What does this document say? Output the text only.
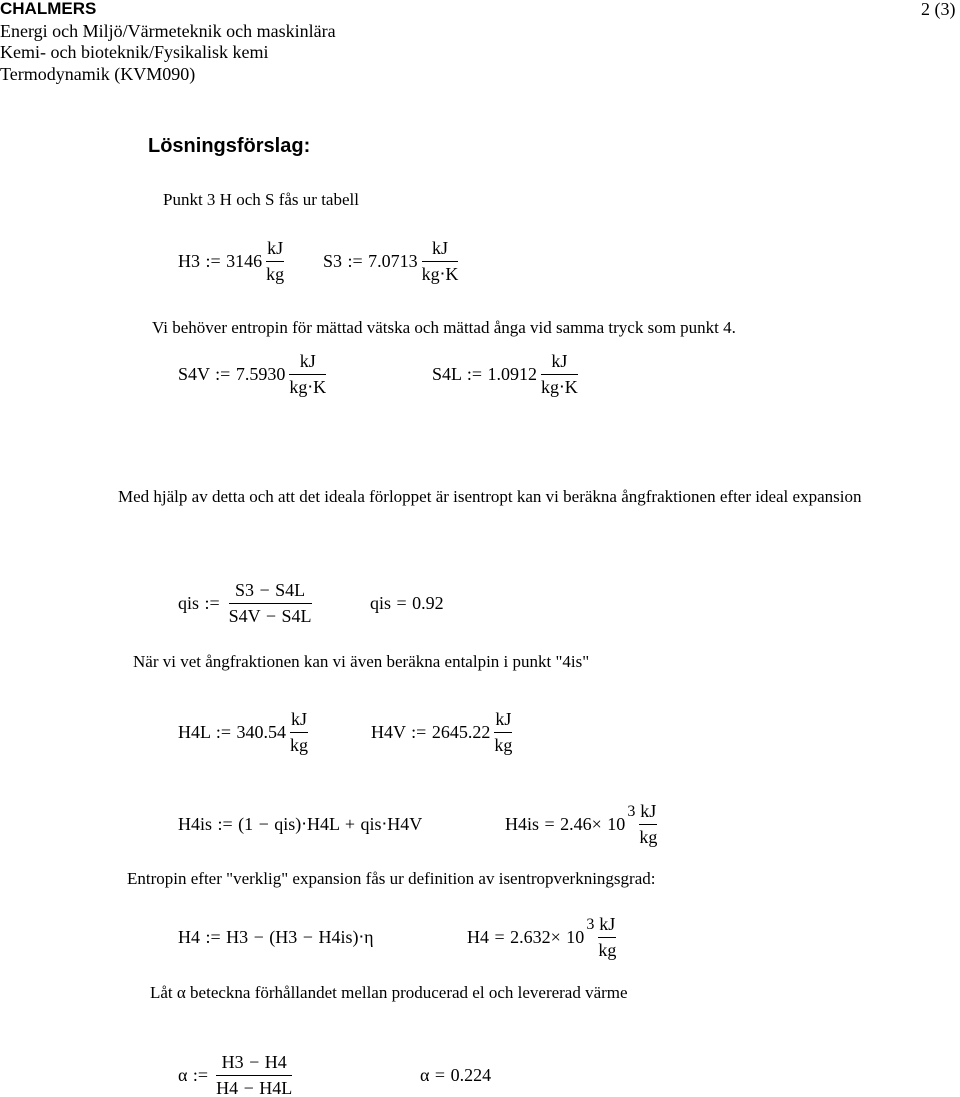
CHALMERS	2 (3)
Energi och Miljö/Värmeteknik och maskinlära
Kemi- och bioteknik/Fysikalisk kemi
Termodynamik (KVM090)
Lösningsförslag:
Punkt 3 H och S fås ur tabell
H3 := $3146 \frac{kJ}{kg} S3$ := $7.0713 \frac{kJ}{kg\cdot K}$
Vi behöver entropin för mättad vätska och mättad ånga vid samma tryck som punkt 4.
S4V := $7.5930 \frac{kJ}{kg\cdot K}$	S4L := $1.0912 \frac{kJ}{kg\cdot K}$
Med hjälp av detta och att det ideala förloppet är isentropt kan vi beräkna ångfraktionen efter ideal expansion
qis := $\frac{S3 - S4L}{S4V - S4L}$	qis = 0.92
När vi vet ångfraktionen kan vi även beräkna entalpin i punkt "4is"
H4L := $340.54 \frac{kJ}{kg}$	H4V := $2645.22 \frac{kJ}{kg}$
H4is := (1 − qis)⋅H4L + qis⋅H4V	H4is = 2.46× 10
$3 \frac{kJ}{kg}$
Entropin efter "verklig" expansion fås ur definition av isentropverkningsgrad:
H4 := H3 − (H3 − H4is)⋅η	H4 = 2.632× 10
$3 \frac{kJ}{kg}$
Låt α beteckna förhållandet mellan producerad el och levererad värme
α := $\frac{H3 - H4}{H4 - H4L}$	α = 0.224
